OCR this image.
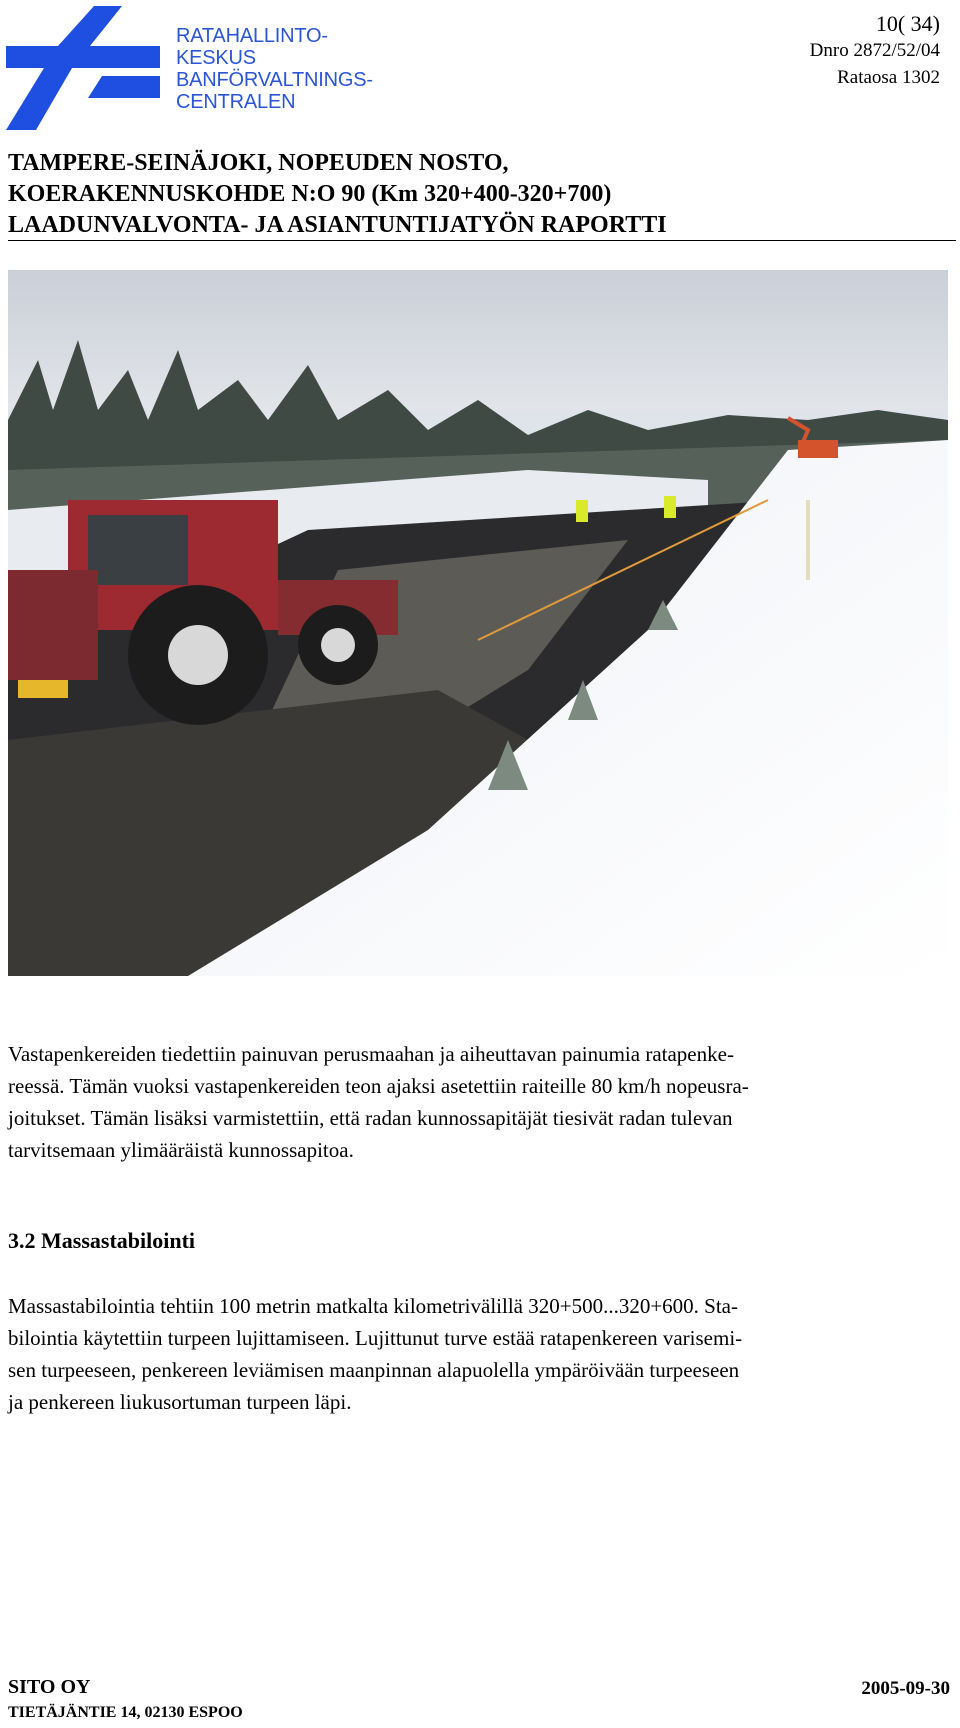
RATAHALLINTO-
KESKUS
BANFÖRVALTNINGS-
CENTRALEN
10( 34)
Dnro 2872/52/04
Rataosa 1302
TAMPERE-SEINÄJOKI, NOPEUDEN NOSTO,
KOERAKENNUSKOHDE N:O 90 (Km 320+400-320+700)
LAADUNVALVONTA- JA ASIANTUNTIJATYÖN RAPORTTI

Vastapenkereiden tiedettiin painuvan perusmaahan ja aiheuttavan painumia ratapenke-
reessä. Tämän vuoksi vastapenkereiden teon ajaksi asetettiin raiteille 80 km/h nopeusra-
joitukset. Tämän lisäksi varmistettiin, että radan kunnossapitäjät tiesivät radan tulevan
tarvitsemaan ylimääräistä kunnossapitoa.

3.2 Massastabilointi

Massastabilointia tehtiin 100 metrin matkalta kilometrivälillä 320+500...320+600. Sta-
bilointia käytettiin turpeen lujittamiseen. Lujittunut turve estää ratapenkereen varisemi-
sen turpeeseen, penkereen leviämisen maanpinnan alapuolella ympäröivään turpeeseen
ja penkereen liukusortuman turpeen läpi.

SITO OY
TIETÄJÄNTIE 14, 02130 ESPOO
2005-09-30
